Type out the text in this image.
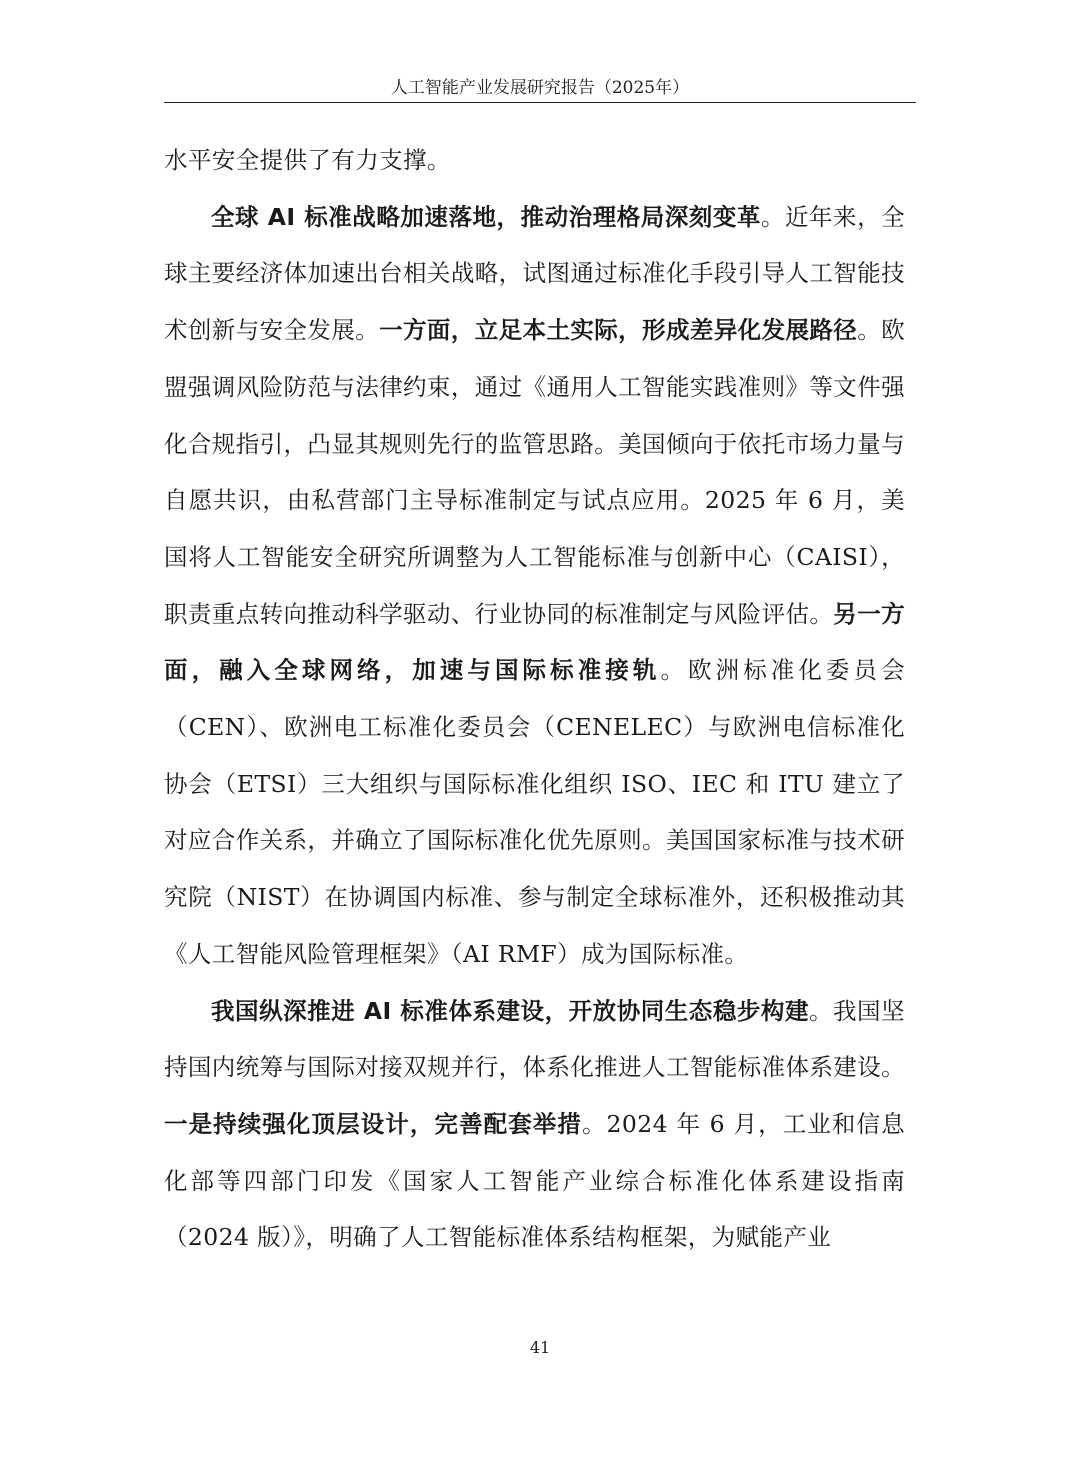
人工智能产业发展研究报告（2025年）

水平安全提供了有力支撑。

全球 AI 标准战略加速落地，推动治理格局深刻变革。近年来，全球主要经济体加速出台相关战略，试图通过标准化手段引导人工智能技术创新与安全发展。一方面，立足本土实际，形成差异化发展路径。欧盟强调风险防范与法律约束，通过《通用人工智能实践准则》等文件强化合规指引，凸显其规则先行的监管思路。美国倾向于依托市场力量与自愿共识，由私营部门主导标准制定与试点应用。2025 年 6 月，美国将人工智能安全研究所调整为人工智能标准与创新中心（CAISI），职责重点转向推动科学驱动、行业协同的标准制定与风险评估。另一方面，融入全球网络，加速与国际标准接轨。欧洲标准化委员会（CEN）、欧洲电工标准化委员会（CENELEC）与欧洲电信标准化协会（ETSI）三大组织与国际标准化组织 ISO、IEC 和 ITU 建立了对应合作关系，并确立了国际标准化优先原则。美国国家标准与技术研究院（NIST）在协调国内标准、参与制定全球标准外，还积极推动其《人工智能风险管理框架》（AI RMF）成为国际标准。

我国纵深推进 AI 标准体系建设，开放协同生态稳步构建。我国坚持国内统筹与国际对接双规并行，体系化推进人工智能标准体系建设。一是持续强化顶层设计，完善配套举措。2024 年 6 月，工业和信息化部等四部门印发《国家人工智能产业综合标准化体系建设指南（2024 版）》，明确了人工智能标准体系结构框架，为赋能产业

41
